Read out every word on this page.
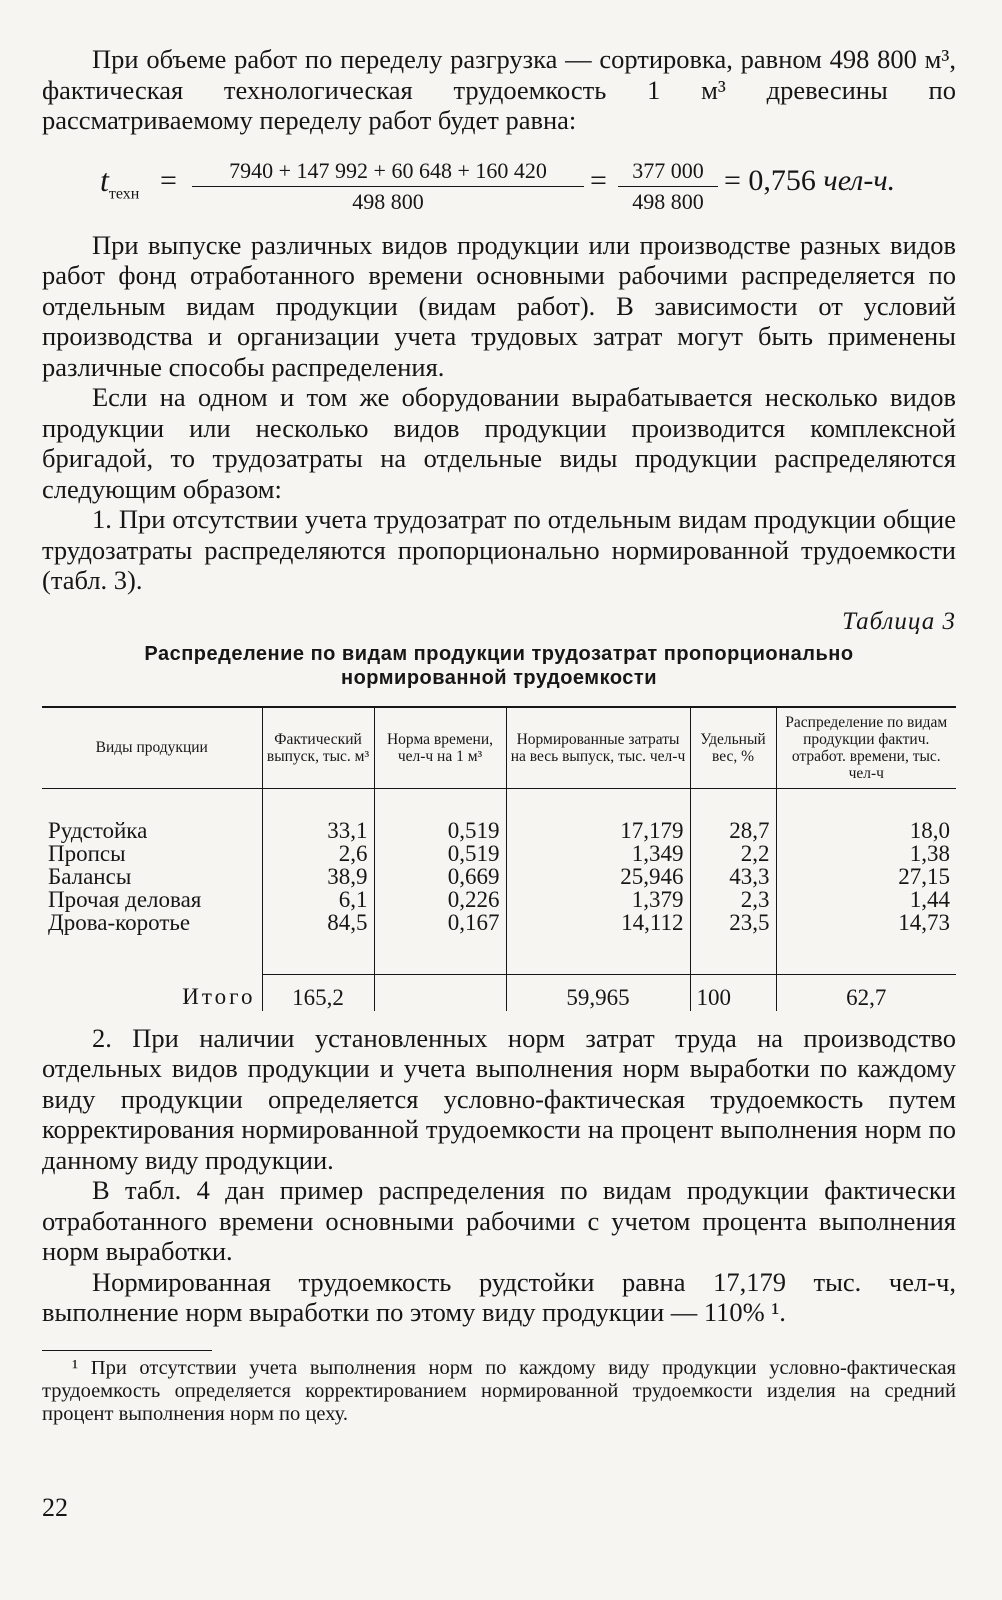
При объеме работ по переделу разгрузка — сортировка, равном 498 800 м³, фактическая технологическая трудоемкость 1 м³ древесины по рассматриваемому переделу работ будет равна:

$t_{техн} = \frac{7940 + 147 992 + 60 648 + 160 420}{498 800} = \frac{377 000}{498 800} = 0,756$ чел-ч.

При выпуске различных видов продукции или производстве разных видов работ фонд отработанного времени основными рабочими распределяется по отдельным видам продукции (видам работ). В зависимости от условий производства и организации учета трудовых затрат могут быть применены различные способы распределения.

Если на одном и том же оборудовании вырабатывается несколько видов продукции или несколько видов продукции производится комплексной бригадой, то трудозатраты на отдельные виды продукции распределяются следующим образом:

1. При отсутствии учета трудозатрат по отдельным видам продукции общие трудозатраты распределяются пропорционально нормированной трудоемкости (табл. 3).

Таблица 3
Распределение по видам продукции трудозатрат пропорционально нормированной трудоемкости
Виды продукции	Фактический выпуск, тыс. м³	Норма времени, чел-ч на 1 м³	Нормированные затраты на весь выпуск, тыс. чел-ч	Удельный вес, %	Распределение по видам продукции фактич. отработ. времени, тыс. чел-ч
Рудстойка	33,1	0,519	17,179	28,7	18,0
Пропсы	2,6	0,519	1,349	2,2	1,38
Балансы	38,9	0,669	25,946	43,3	27,15
Прочая деловая	6,1	0,226	1,379	2,3	1,44
Дрова-коротье	84,5	0,167	14,112	23,5	14,73
Итого	165,2		59,965	100	62,7

2. При наличии установленных норм затрат труда на производство отдельных видов продукции и учета выполнения норм выработки по каждому виду продукции определяется условно-фактическая трудоемкость путем корректирования нормированной трудоемкости на процент выполнения норм по данному виду продукции.

В табл. 4 дан пример распределения по видам продукции фактически отработанного времени основными рабочими с учетом процента выполнения норм выработки.

Нормированная трудоемкость рудстойки равна 17,179 тыс. чел-ч, выполнение норм выработки по этому виду продукции — 110% ¹.

¹ При отсутствии учета выполнения норм по каждому виду продукции условно-фактическая трудоемкость определяется корректированием нормированной трудоемкости изделия на средний процент выполнения норм по цеху.

22
